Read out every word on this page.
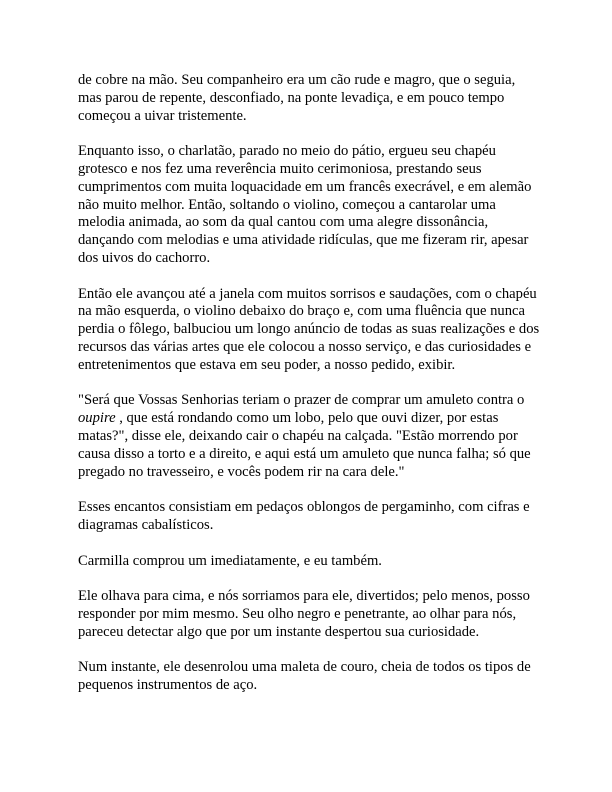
de cobre na mão. Seu companheiro era um cão rude e magro, que o seguia, mas parou de repente, desconfiado, na ponte levadiça, e em pouco tempo começou a uivar tristemente.

Enquanto isso, o charlatão, parado no meio do pátio, ergueu seu chapéu grotesco e nos fez uma reverência muito cerimoniosa, prestando seus cumprimentos com muita loquacidade em um francês execrável, e em alemão não muito melhor. Então, soltando o violino, começou a cantarolar uma melodia animada, ao som da qual cantou com uma alegre dissonância, dançando com melodias e uma atividade ridículas, que me fizeram rir, apesar dos uivos do cachorro.

Então ele avançou até a janela com muitos sorrisos e saudações, com o chapéu na mão esquerda, o violino debaixo do braço e, com uma fluência que nunca perdia o fôlego, balbuciou um longo anúncio de todas as suas realizações e dos recursos das várias artes que ele colocou a nosso serviço, e das curiosidades e entretenimentos que estava em seu poder, a nosso pedido, exibir.

"Será que Vossas Senhorias teriam o prazer de comprar um amuleto contra o oupire , que está rondando como um lobo, pelo que ouvi dizer, por estas matas?", disse ele, deixando cair o chapéu na calçada. "Estão morrendo por causa disso a torto e a direito, e aqui está um amuleto que nunca falha; só que pregado no travesseiro, e vocês podem rir na cara dele."

Esses encantos consistiam em pedaços oblongos de pergaminho, com cifras e diagramas cabalísticos.

Carmilla comprou um imediatamente, e eu também.

Ele olhava para cima, e nós sorriamos para ele, divertidos; pelo menos, posso responder por mim mesmo. Seu olho negro e penetrante, ao olhar para nós, pareceu detectar algo que por um instante despertou sua curiosidade.

Num instante, ele desenrolou uma maleta de couro, cheia de todos os tipos de pequenos instrumentos de aço.
